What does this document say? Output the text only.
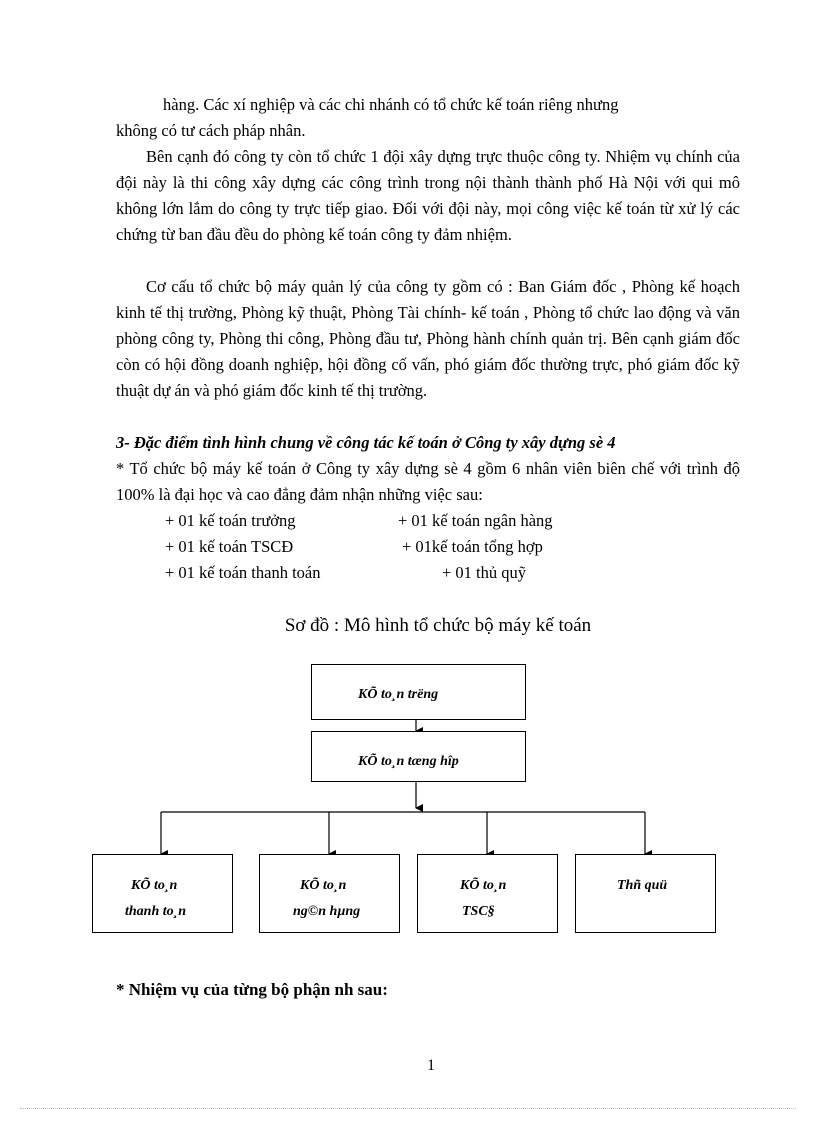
hàng. Các xí nghiệp và các chi nhánh có tổ chức kế toán riêng nhưng

không có tư cách pháp nhân.

Bên cạnh đó công ty còn tổ chức 1 đội xây dựng trực thuộc công ty. Nhiệm vụ chính của đội này là thi công xây dựng các công trình trong nội thành thành phố Hà Nội với qui mô không lớn lắm do công ty trực tiếp giao. Đối với đội này, mọi công việc kế toán từ xử lý các chứng từ ban đầu đều do phòng kế toán công ty đảm nhiệm.

Cơ cấu tổ chức bộ máy quản lý của công ty gồm có : Ban Giám đốc , Phòng kế hoạch kinh tế thị trường, Phòng kỹ thuật, Phòng Tài chính- kế toán , Phòng tổ chức lao động và văn phòng công ty, Phòng thi công, Phòng đầu tư, Phòng hành chính quản trị. Bên cạnh giám đốc còn có hội đồng doanh nghiệp, hội đồng cố vấn, phó giám đốc thường trực, phó giám đốc kỹ thuật dự án và phó giám đốc kinh tế thị trường.

3- Đặc điểm tình hình chung về công tác kế toán ở Công ty xây dựng sè 4

* Tổ chức bộ máy kế toán ở Công ty xây dựng sè 4 gồm 6 nhân viên biên chế với trình độ 100% là đại học và cao đẳng đảm nhận những việc sau:

+ 01 kế toán trưởng	+ 01 kế toán ngân hàng
+ 01 kế toán TSCĐ	+ 01kế toán tổng hợp
+ 01 kế toán thanh toán	+ 01 thủ quỹ
Sơ đồ : Mô hình tổ chức bộ máy kế toán
KÕ to¸n trëng
KÕ to¸n tæng hîp
KÕ to¸n
thanh to¸n
KÕ to¸n
ng©n hµng
KÕ to¸n
TSC§
Thñ quü
* Nhiệm vụ của từng bộ phận nh sau:
1
